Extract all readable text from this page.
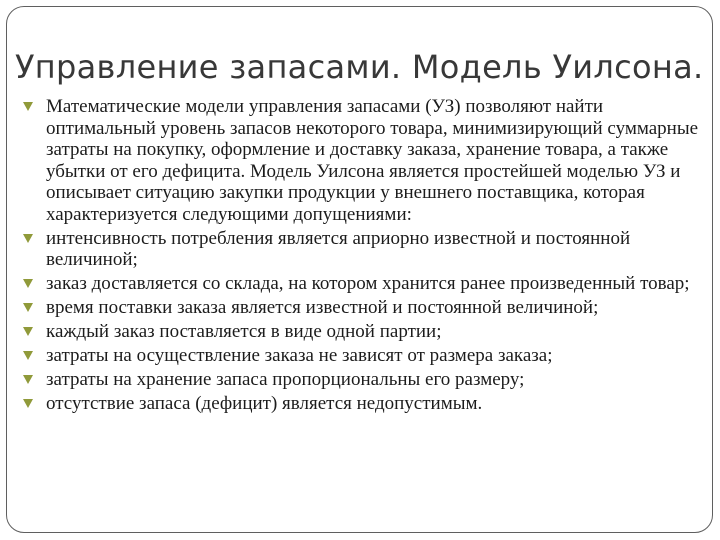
Управление запасами. Модель Уилсона.
Математические модели управления запасами (УЗ) позволяют найти оптимальный уровень запасов некоторого товара, минимизирующий суммарные затраты на покупку, оформление и доставку заказа, хранение товара, а также убытки от его дефицита. Модель Уилсона является простейшей моделью УЗ и описывает ситуацию закупки продукции у внешнего поставщика, которая характеризуется следующими допущениями:
интенсивность потребления является априорно известной и постоянной величиной;
заказ доставляется со склада, на котором хранится ранее произведенный товар;
время поставки заказа является известной и постоянной величиной;
каждый заказ поставляется в виде одной партии;
затраты на осуществление заказа не зависят от размера заказа;
затраты на хранение запаса пропорциональны его размеру;
отсутствие запаса (дефицит) является недопустимым.
